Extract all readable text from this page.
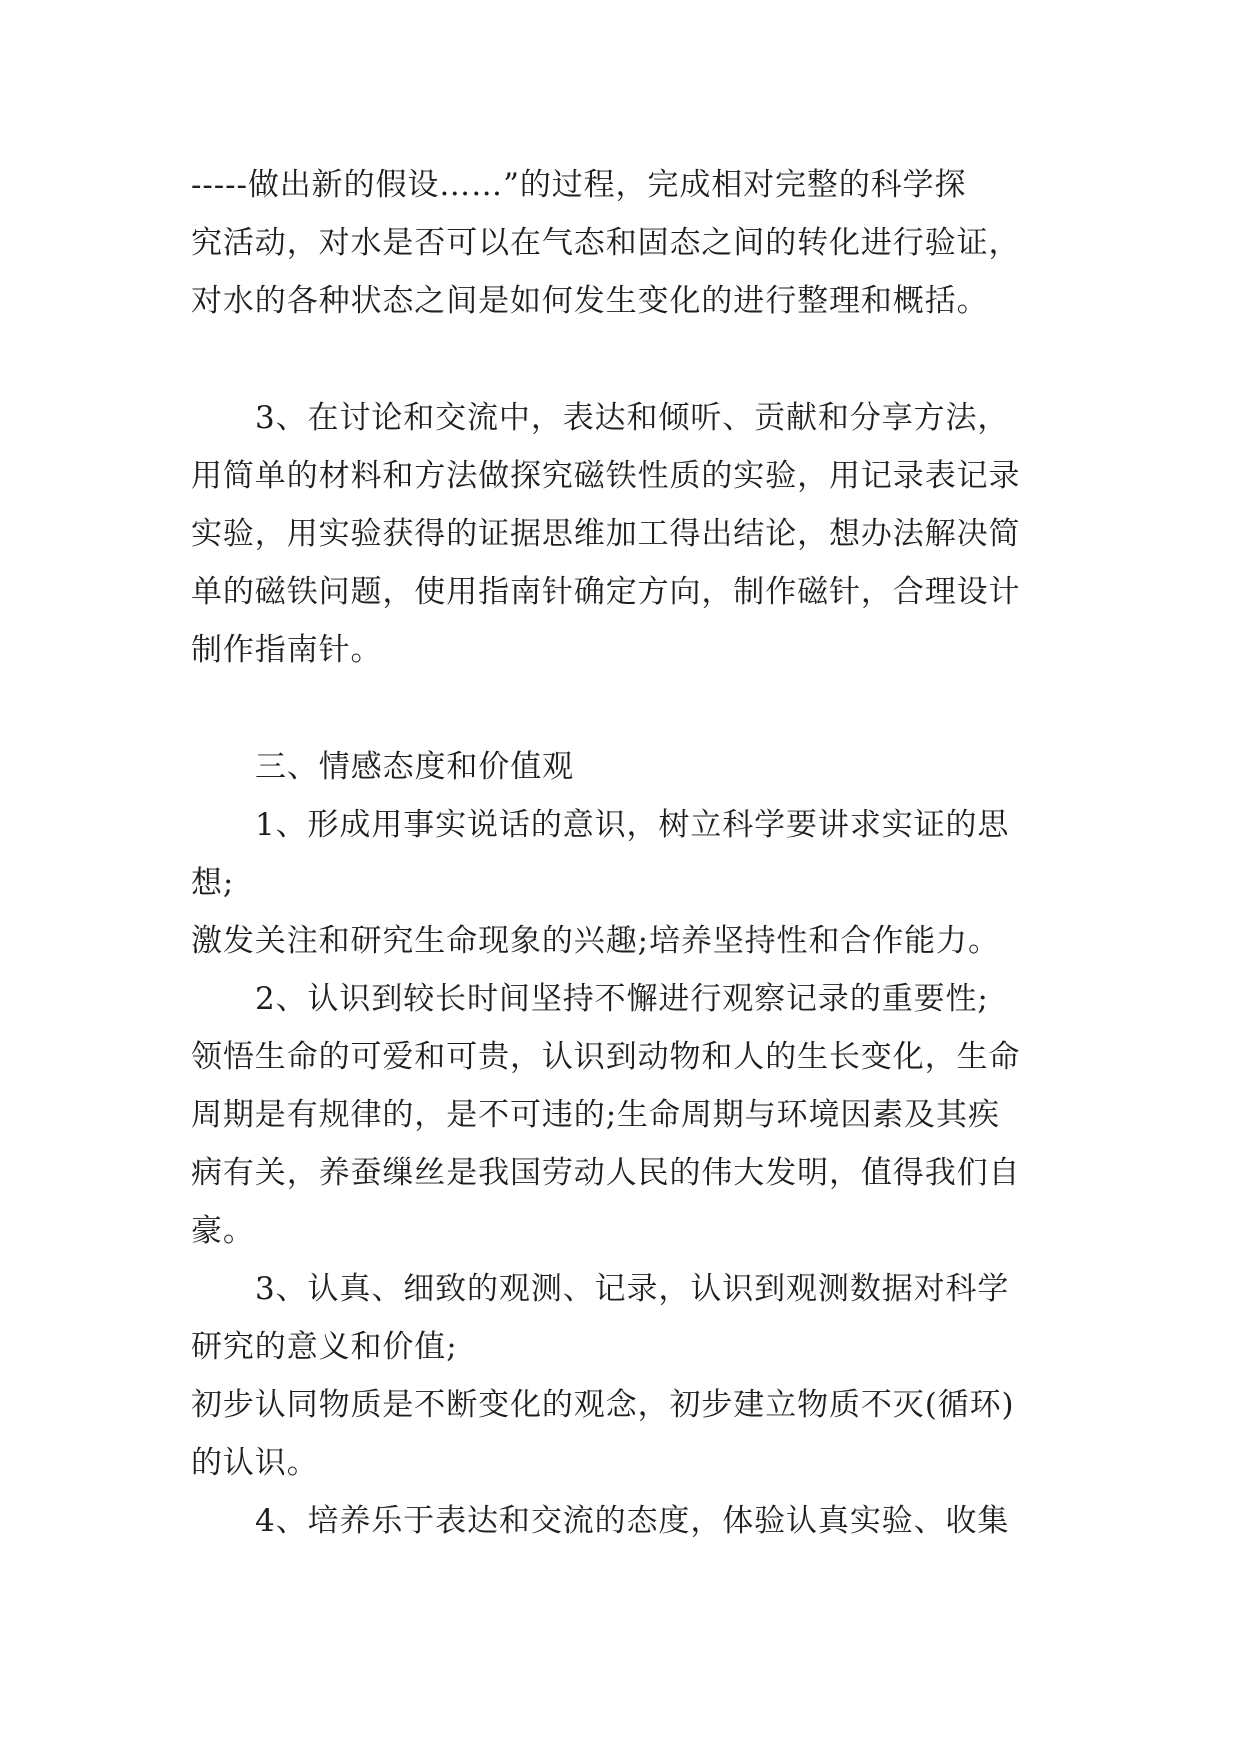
-----做出新的假设……”的过程，完成相对完整的科学探
究活动，对水是否可以在气态和固态之间的转化进行验证，
对水的各种状态之间是如何发生变化的进行整理和概括。
3、在讨论和交流中，表达和倾听、贡献和分享方法，
用简单的材料和方法做探究磁铁性质的实验，用记录表记录
实验，用实验获得的证据思维加工得出结论，想办法解决简
单的磁铁问题，使用指南针确定方向，制作磁针，合理设计
制作指南针。
三、情感态度和价值观
1、形成用事实说话的意识，树立科学要讲求实证的思
想;
激发关注和研究生命现象的兴趣;培养坚持性和合作能力。
2、认识到较长时间坚持不懈进行观察记录的重要性;
领悟生命的可爱和可贵，认识到动物和人的生长变化，生命
周期是有规律的，是不可违的;生命周期与环境因素及其疾
病有关，养蚕缫丝是我国劳动人民的伟大发明，值得我们自
豪。
3、认真、细致的观测、记录，认识到观测数据对科学
研究的意义和价值;
初步认同物质是不断变化的观念，初步建立物质不灭(循环)
的认识。
4、培养乐于表达和交流的态度，体验认真实验、收集
